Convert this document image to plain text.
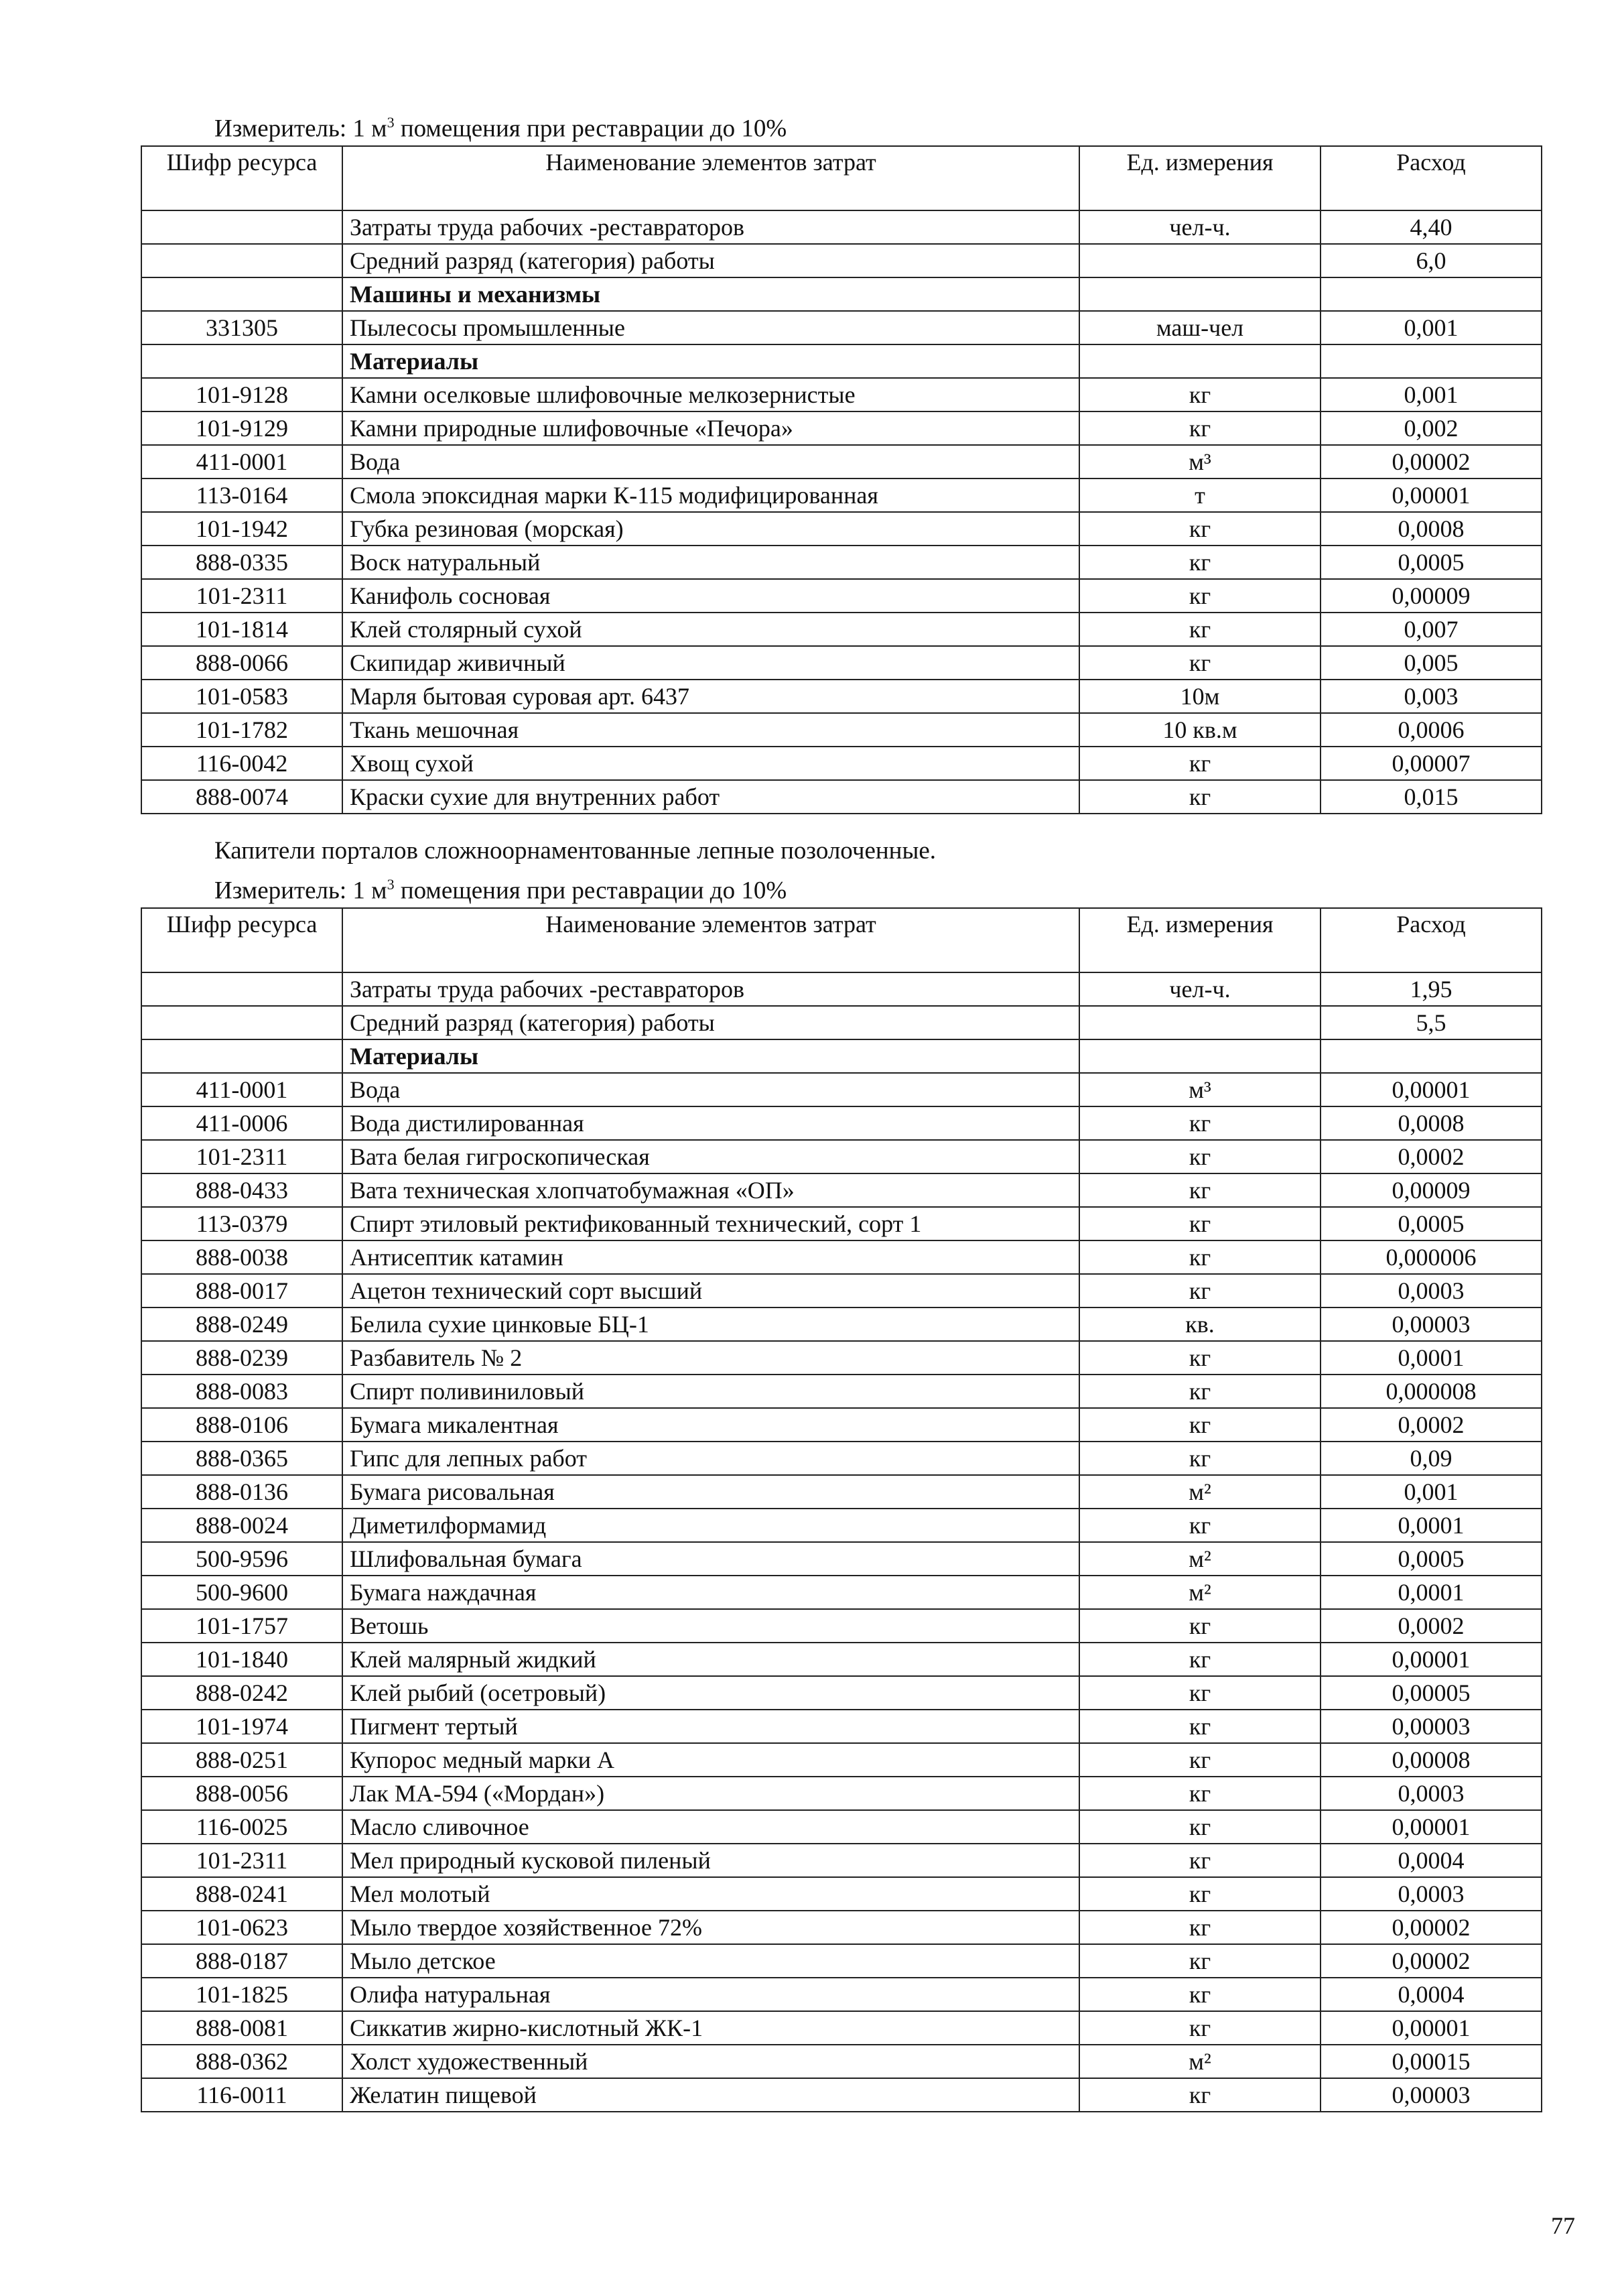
Измеритель: 1 $м^3$ помещения при реставрации до 10%
Шифр ресурса	Наименование элементов затрат	Ед. измерения	Расход
	Затраты труда рабочих -реставраторов	чел-ч.	4,40
	Средний разряд (категория) работы		6,0
	Машины и механизмы		
331305	Пылесосы промышленные	маш-чел	0,001
	Материалы		
101-9128	Камни оселковые шлифовочные мелкозернистые	кг	0,001
101-9129	Камни природные шлифовочные «Печора»	кг	0,002
411-0001	Вода	м³	0,00002
113-0164	Смола эпоксидная марки К-115 модифицированная	т	0,00001
101-1942	Губка резиновая (морская)	кг	0,0008
888-0335	Воск натуральный	кг	0,0005
101-2311	Канифоль сосновая	кг	0,00009
101-1814	Клей столярный сухой	кг	0,007
888-0066	Скипидар живичный	кг	0,005
101-0583	Марля бытовая суровая арт. 6437	10м	0,003
101-1782	Ткань мешочная	10 кв.м	0,0006
116-0042	Хвощ сухой	кг	0,00007
888-0074	Краски сухие для внутренних работ	кг	0,015
Капители порталов сложноорнаментованные лепные позолоченные.
Измеритель: 1 $м^3$ помещения при реставрации до 10%
Шифр ресурса	Наименование элементов затрат	Ед. измерения	Расход
	Затраты труда рабочих -реставраторов	чел-ч.	1,95
	Средний разряд (категория) работы		5,5
	Материалы		
411-0001	Вода	м³	0,00001
411-0006	Вода дистилированная	кг	0,0008
101-2311	Вата белая гигроскопическая	кг	0,0002
888-0433	Вата техническая хлопчатобумажная «ОП»	кг	0,00009
113-0379	Спирт этиловый ректификованный технический, сорт 1	кг	0,0005
888-0038	Антисептик катамин	кг	0,000006
888-0017	Ацетон технический сорт высший	кг	0,0003
888-0249	Белила сухие цинковые БЦ-1	кв.	0,00003
888-0239	Разбавитель № 2	кг	0,0001
888-0083	Спирт поливиниловый	кг	0,000008
888-0106	Бумага микалентная	кг	0,0002
888-0365	Гипс для лепных работ	кг	0,09
888-0136	Бумага рисовальная	м²	0,001
888-0024	Диметилформамид	кг	0,0001
500-9596	Шлифовальная бумага	м²	0,0005
500-9600	Бумага наждачная	м²	0,0001
101-1757	Ветошь	кг	0,0002
101-1840	Клей малярный жидкий	кг	0,00001
888-0242	Клей рыбий (осетровый)	кг	0,00005
101-1974	Пигмент тертый	кг	0,00003
888-0251	Купорос медный марки А	кг	0,00008
888-0056	Лак МА-594 («Мордан»)	кг	0,0003
116-0025	Масло сливочное	кг	0,00001
101-2311	Мел природный кусковой пиленый	кг	0,0004
888-0241	Мел молотый	кг	0,0003
101-0623	Мыло твердое хозяйственное 72%	кг	0,00002
888-0187	Мыло детское	кг	0,00002
101-1825	Олифа натуральная	кг	0,0004
888-0081	Сиккатив жирно-кислотный ЖК-1	кг	0,00001
888-0362	Холст художественный	м²	0,00015
116-0011	Желатин пищевой	кг	0,00003
77
